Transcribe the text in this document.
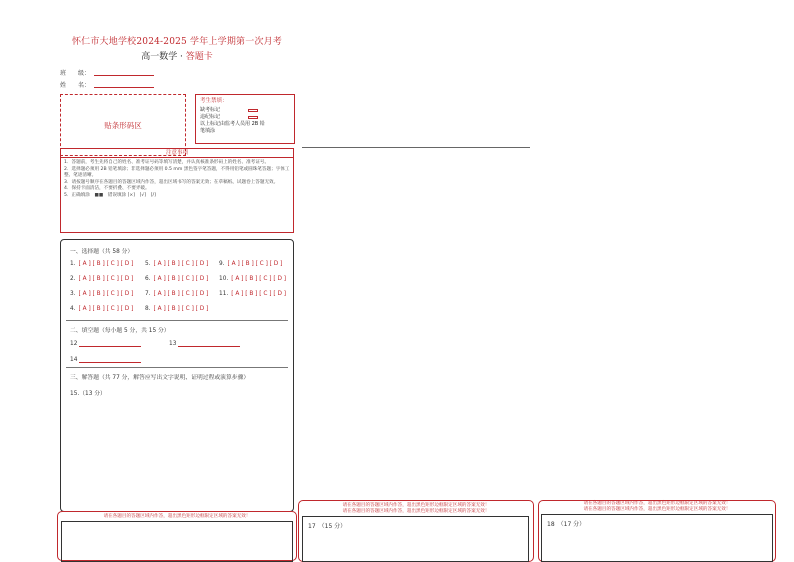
怀仁市大地学校2024-2025 学年上学期第一次月考
高一数学 · 答题卡
班　　级：
姓　　名：
贴条形码区
考生禁填：
缺考标记
违纪标记
以上标记由监考人员用 2B 铅
笔填涂
注意事项
1．答题前，考生先将自己的姓名、准考证号码等填写清楚，并认真核准条形码上的姓名、准考证号。
2．选择题必须用 2B 铅笔填涂；非选择题必须用 0.5 mm 黑色签字笔答题，不得用铅笔或圆珠笔答题；字体工整、笔迹清晰。
3．请按题号顺序在各题目的答题区域内作答，超出区域书写的答案无效；在草稿纸、试题卷上答题无效。
4．保持卡面清洁，不要折叠、不要弄破。
5．正确填涂　■■　错误填涂 [×]　[√]　[/]
一、选择题（共 58 分）
1. [ A ] [ B ] [ C ] [ D ] 5. [ A ] [ B ] [ C ] [ D ] 9. [ A ] [ B ] [ C ] [ D ]
2. [ A ] [ B ] [ C ] [ D ] 6. [ A ] [ B ] [ C ] [ D ] 10. [ A ] [ B ] [ C ] [ D ]
3. [ A ] [ B ] [ C ] [ D ] 7. [ A ] [ B ] [ C ] [ D ] 11. [ A ] [ B ] [ C ] [ D ]
4. [ A ] [ B ] [ C ] [ D ] 8. [ A ] [ B ] [ C ] [ D ]
二、填空题（每小题 5 分，共 15 分）
12	13
14
三、解答题（共 77 分，解答应写出文字说明、证明过程或演算步骤）
15.（13 分）
请在各题目的答题区域内作答，超出黑色矩形边框限定区域的答案无效！
请在各题目的答题区域内作答，超出黑色矩形边框限定区域的答案无效！
请在各题目的答题区域内作答，超出黑色矩形边框限定区域的答案无效！
17　（15 分）
请在各题目的答题区域内作答，超出黑色矩形边框限定区域的答案无效！
请在各题目的答题区域内作答，超出黑色矩形边框限定区域的答案无效！
18　（17 分）
